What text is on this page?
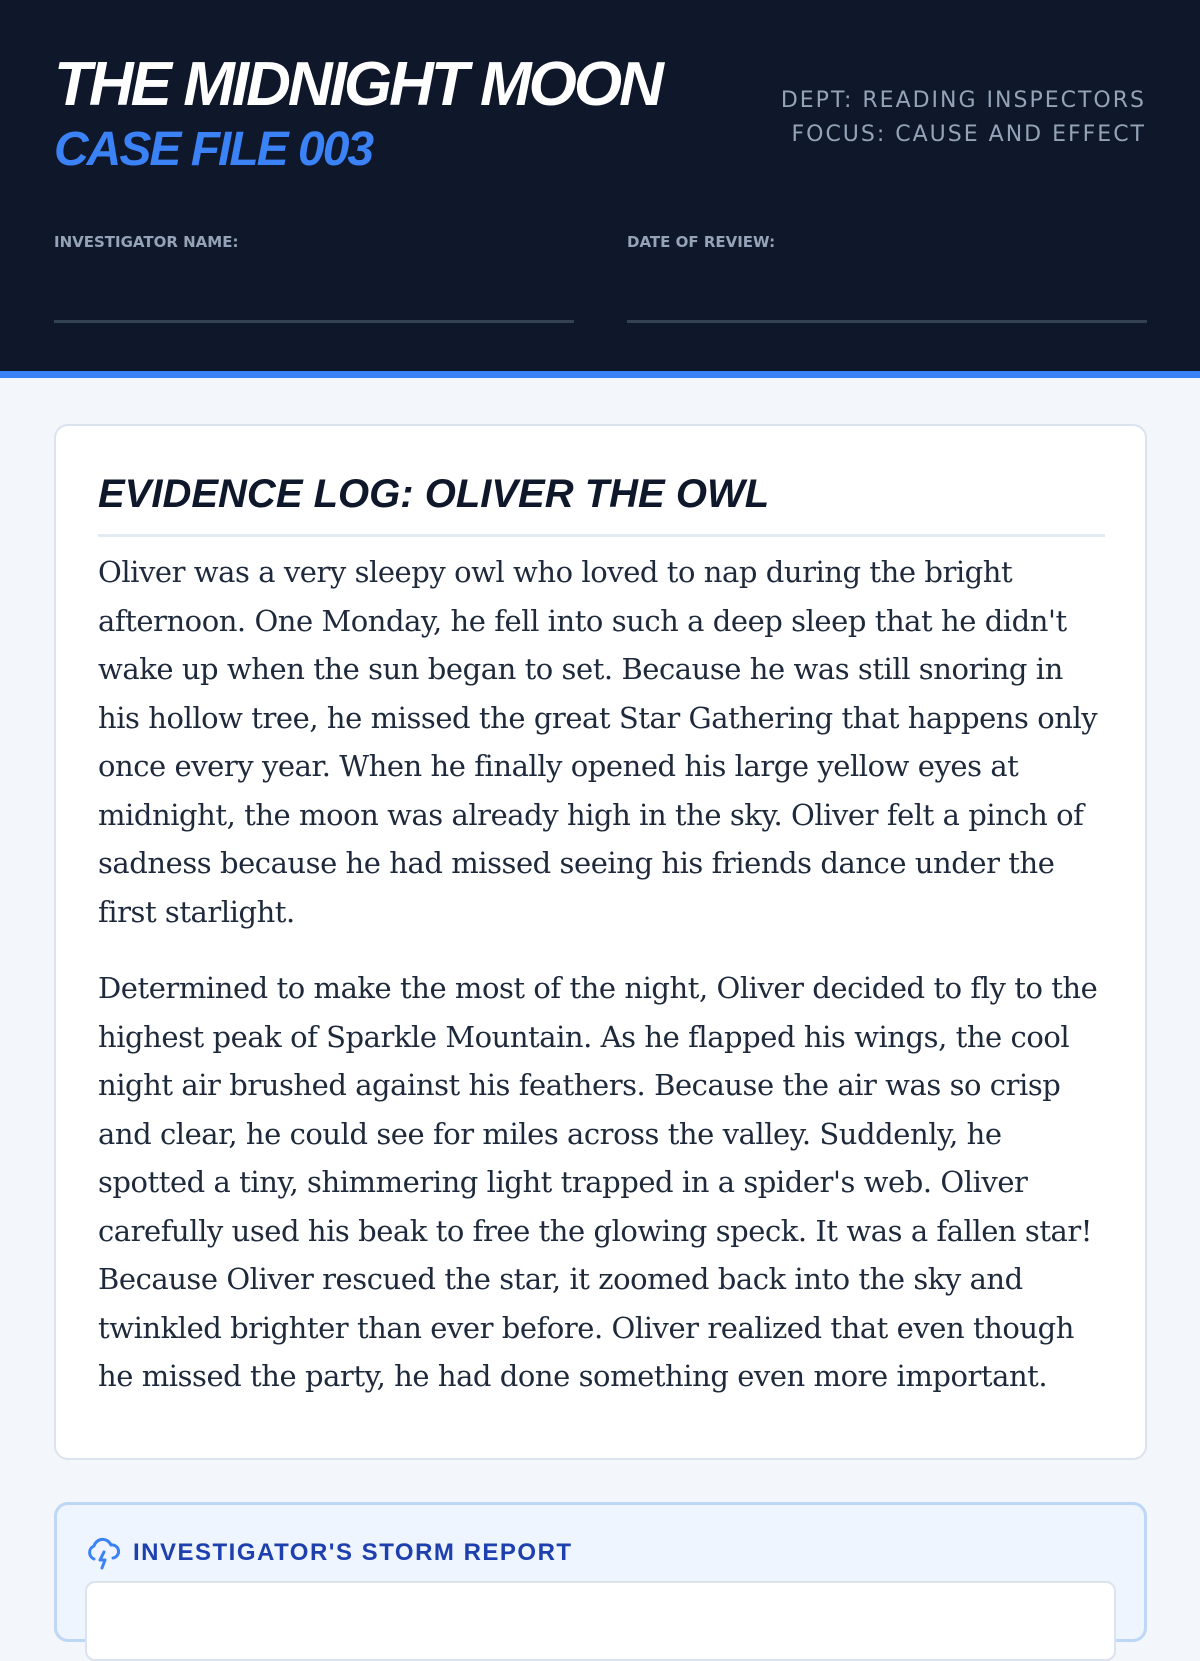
THE MIDNIGHT MOON
CASE FILE 003
DEPT: READING INSPECTORS
FOCUS: CAUSE AND EFFECT
INVESTIGATOR NAME:	DATE OF REVIEW:
EVIDENCE LOG: OLIVER THE OWL

Oliver was a very sleepy owl who loved to nap during the bright afternoon. One Monday, he fell into such a deep sleep that he didn't wake up when the sun began to set. Because he was still snoring in his hollow tree, he missed the great Star Gathering that happens only once every year. When he finally opened his large yellow eyes at midnight, the moon was already high in the sky. Oliver felt a pinch of sadness because he had missed seeing his friends dance under the first starlight.

Determined to make the most of the night, Oliver decided to fly to the highest peak of Sparkle Mountain. As he flapped his wings, the cool night air brushed against his feathers. Because the air was so crisp and clear, he could see for miles across the valley. Suddenly, he spotted a tiny, shimmering light trapped in a spider's web. Oliver carefully used his beak to free the glowing speck. It was a fallen star! Because Oliver rescued the star, it zoomed back into the sky and twinkled brighter than ever before. Oliver realized that even though he missed the party, he had done something even more important.

INVESTIGATOR'S STORM REPORT
